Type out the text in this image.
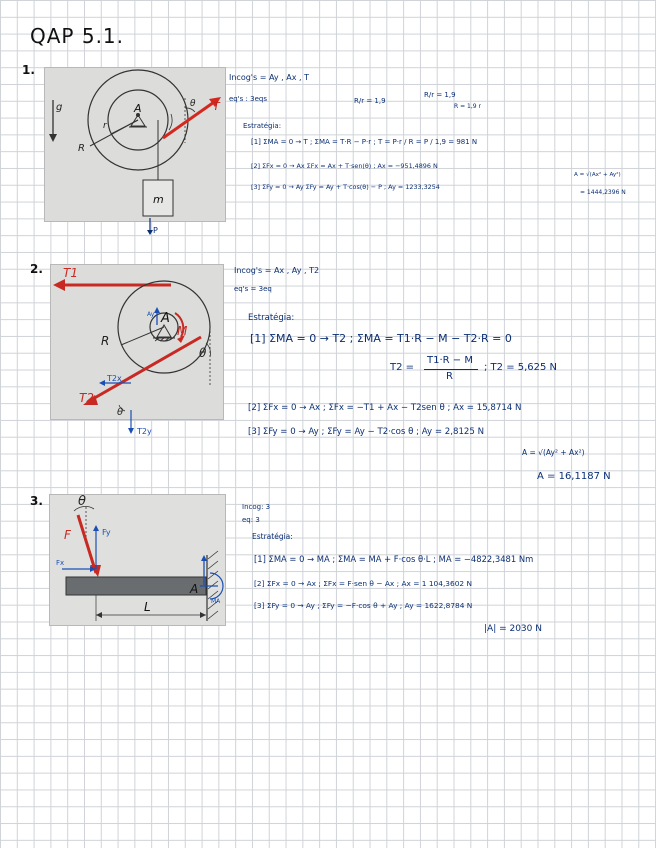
QAP 5.1.
1.
g	A
R
r
m
θ T
P
Incog's = Ay , Ax , T
eq's : 3eqs	R/r = 1,9
R/r = 1,9
R = 1,9 r
Estratégia:
[1] ƩMA = 0 → T ; ƩMA = T·R − P·r ; T = P·r / R = P / 1,9 = 981 N
[2] ƩFx = 0 → Ax ƩFx = Ax + T·sen(θ) ; Ax = −951,4896 N
[3] ƩFy = 0 → Ay ƩFy = Ay + T·cos(θ) − P ; Ay = 1233,3254
A = √(Ax² + Ay²)
= 1444,2396 N
2. T1
A
Ay
M
R
θ
T2
T2x
θ
T2y
Incog's = Ax , Ay , T2
eq's = 3eq
Estratégia:
[1] ƩMA = 0 → T2 ; ƩMA = T1·R − M − T2·R = 0
T2 =
T1·R − M
R
; T2 = 5,625 N
[2] ƩFx = 0 → Ax ; ƩFx = −T1 + Ax − T2sen θ ; Ax = 15,8714 N
[3] ƩFy = 0 → Ay ; ƩFy = Ay − T2·cos θ ; Ay = 2,8125 N
A = √(Ay² + Ax²)
A = 16,1187 N
3.	θ
F	Fy
Fx
A
MA
L
Incog: 3
eq: 3
Estratégia:
[1] ƩMA = 0 → MA ; ƩMA = MA + F·cos θ·L ; MA = −4822,3481 Nm
[2] ƩFx = 0 → Ax ; ƩFx = F·sen θ − Ax ; Ax = 1 104,3602 N
[3] ƩFy = 0 → Ay ; ƩFy = −F·cos θ + Ay ; Ay = 1622,8784 N
|A| = 2030 N
